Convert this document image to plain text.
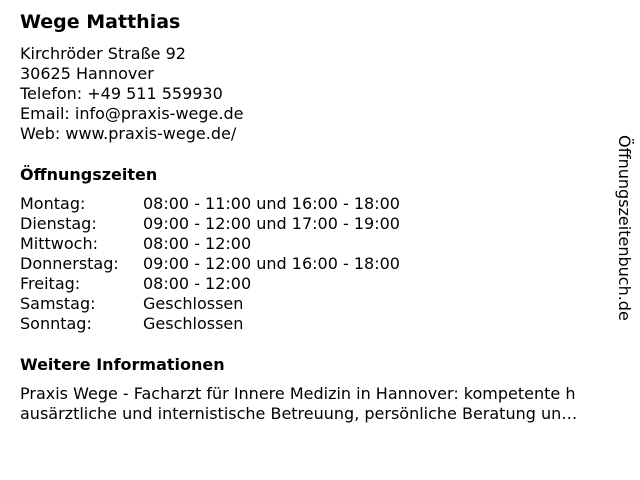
Wege Matthias
Kirchröder Straße 92
30625 Hannover
Telefon: +49 511 559930
Email: info@praxis-wege.de
Web: www.praxis-wege.de/
Öffnungszeiten
Montag:	08:00 - 11:00 und 16:00 - 18:00
Dienstag:	09:00 - 12:00 und 17:00 - 19:00
Mittwoch:	08:00 - 12:00
Donnerstag:	09:00 - 12:00 und 16:00 - 18:00
Freitag:	08:00 - 12:00
Samstag:	Geschlossen
Sonntag:	Geschlossen
Weitere Informationen
Praxis Wege - Facharzt für Innere Medizin in Hannover: kompetente h
ausärztliche und internistische Betreuung, persönliche Beratung un…
Öffnungszeitenbuch.de
